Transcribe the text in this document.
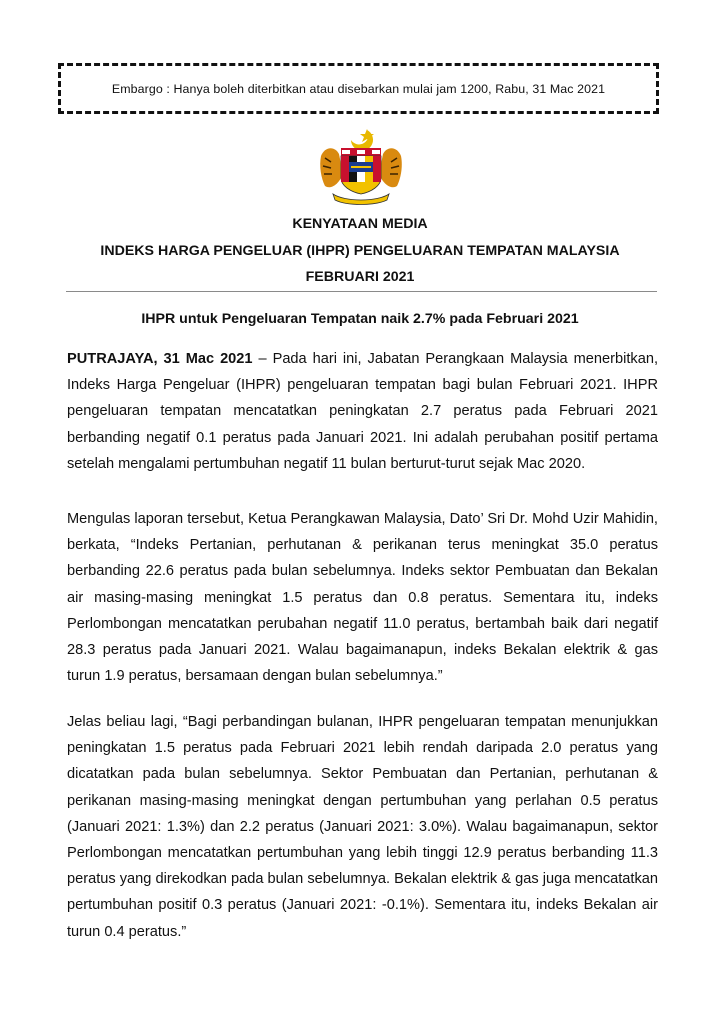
Embargo : Hanya boleh diterbitkan atau disebarkan mulai jam 1200, Rabu, 31 Mac 2021
KENYATAAN MEDIA
INDEKS HARGA PENGELUAR (IHPR) PENGELUARAN TEMPATAN MALAYSIA
FEBRUARI 2021
IHPR untuk Pengeluaran Tempatan naik 2.7% pada Februari 2021

PUTRAJAYA, 31 Mac 2021 – Pada hari ini, Jabatan Perangkaan Malaysia menerbitkan, Indeks Harga Pengeluar (IHPR) pengeluaran tempatan bagi bulan Februari 2021. IHPR pengeluaran tempatan mencatatkan peningkatan 2.7 peratus pada Februari 2021 berbanding negatif 0.1 peratus pada Januari 2021. Ini adalah perubahan positif pertama setelah mengalami pertumbuhan negatif 11 bulan berturut-turut sejak Mac 2020.

Mengulas laporan tersebut, Ketua Perangkawan Malaysia, Dato’ Sri Dr. Mohd Uzir Mahidin, berkata, “Indeks Pertanian, perhutanan & perikanan terus meningkat 35.0 peratus berbanding 22.6 peratus pada bulan sebelumnya. Indeks sektor Pembuatan dan Bekalan air masing-masing meningkat 1.5 peratus dan 0.8 peratus. Sementara itu, indeks Perlombongan mencatatkan perubahan negatif 11.0 peratus, bertambah baik dari negatif 28.3 peratus pada Januari 2021. Walau bagaimanapun, indeks Bekalan elektrik & gas turun 1.9 peratus, bersamaan dengan bulan sebelumnya.”

Jelas beliau lagi, “Bagi perbandingan bulanan, IHPR pengeluaran tempatan menunjukkan peningkatan 1.5 peratus pada Februari 2021 lebih rendah daripada 2.0 peratus yang dicatatkan pada bulan sebelumnya. Sektor Pembuatan dan Pertanian, perhutanan & perikanan masing-masing meningkat dengan pertumbuhan yang perlahan 0.5 peratus (Januari 2021: 1.3%) dan 2.2 peratus (Januari 2021: 3.0%). Walau bagaimanapun, sektor Perlombongan mencatatkan pertumbuhan yang lebih tinggi 12.9 peratus berbanding 11.3 peratus yang direkodkan pada bulan sebelumnya. Bekalan elektrik & gas juga mencatatkan pertumbuhan positif 0.3 peratus (Januari 2021: -0.1%). Sementara itu, indeks Bekalan air turun 0.4 peratus.”
